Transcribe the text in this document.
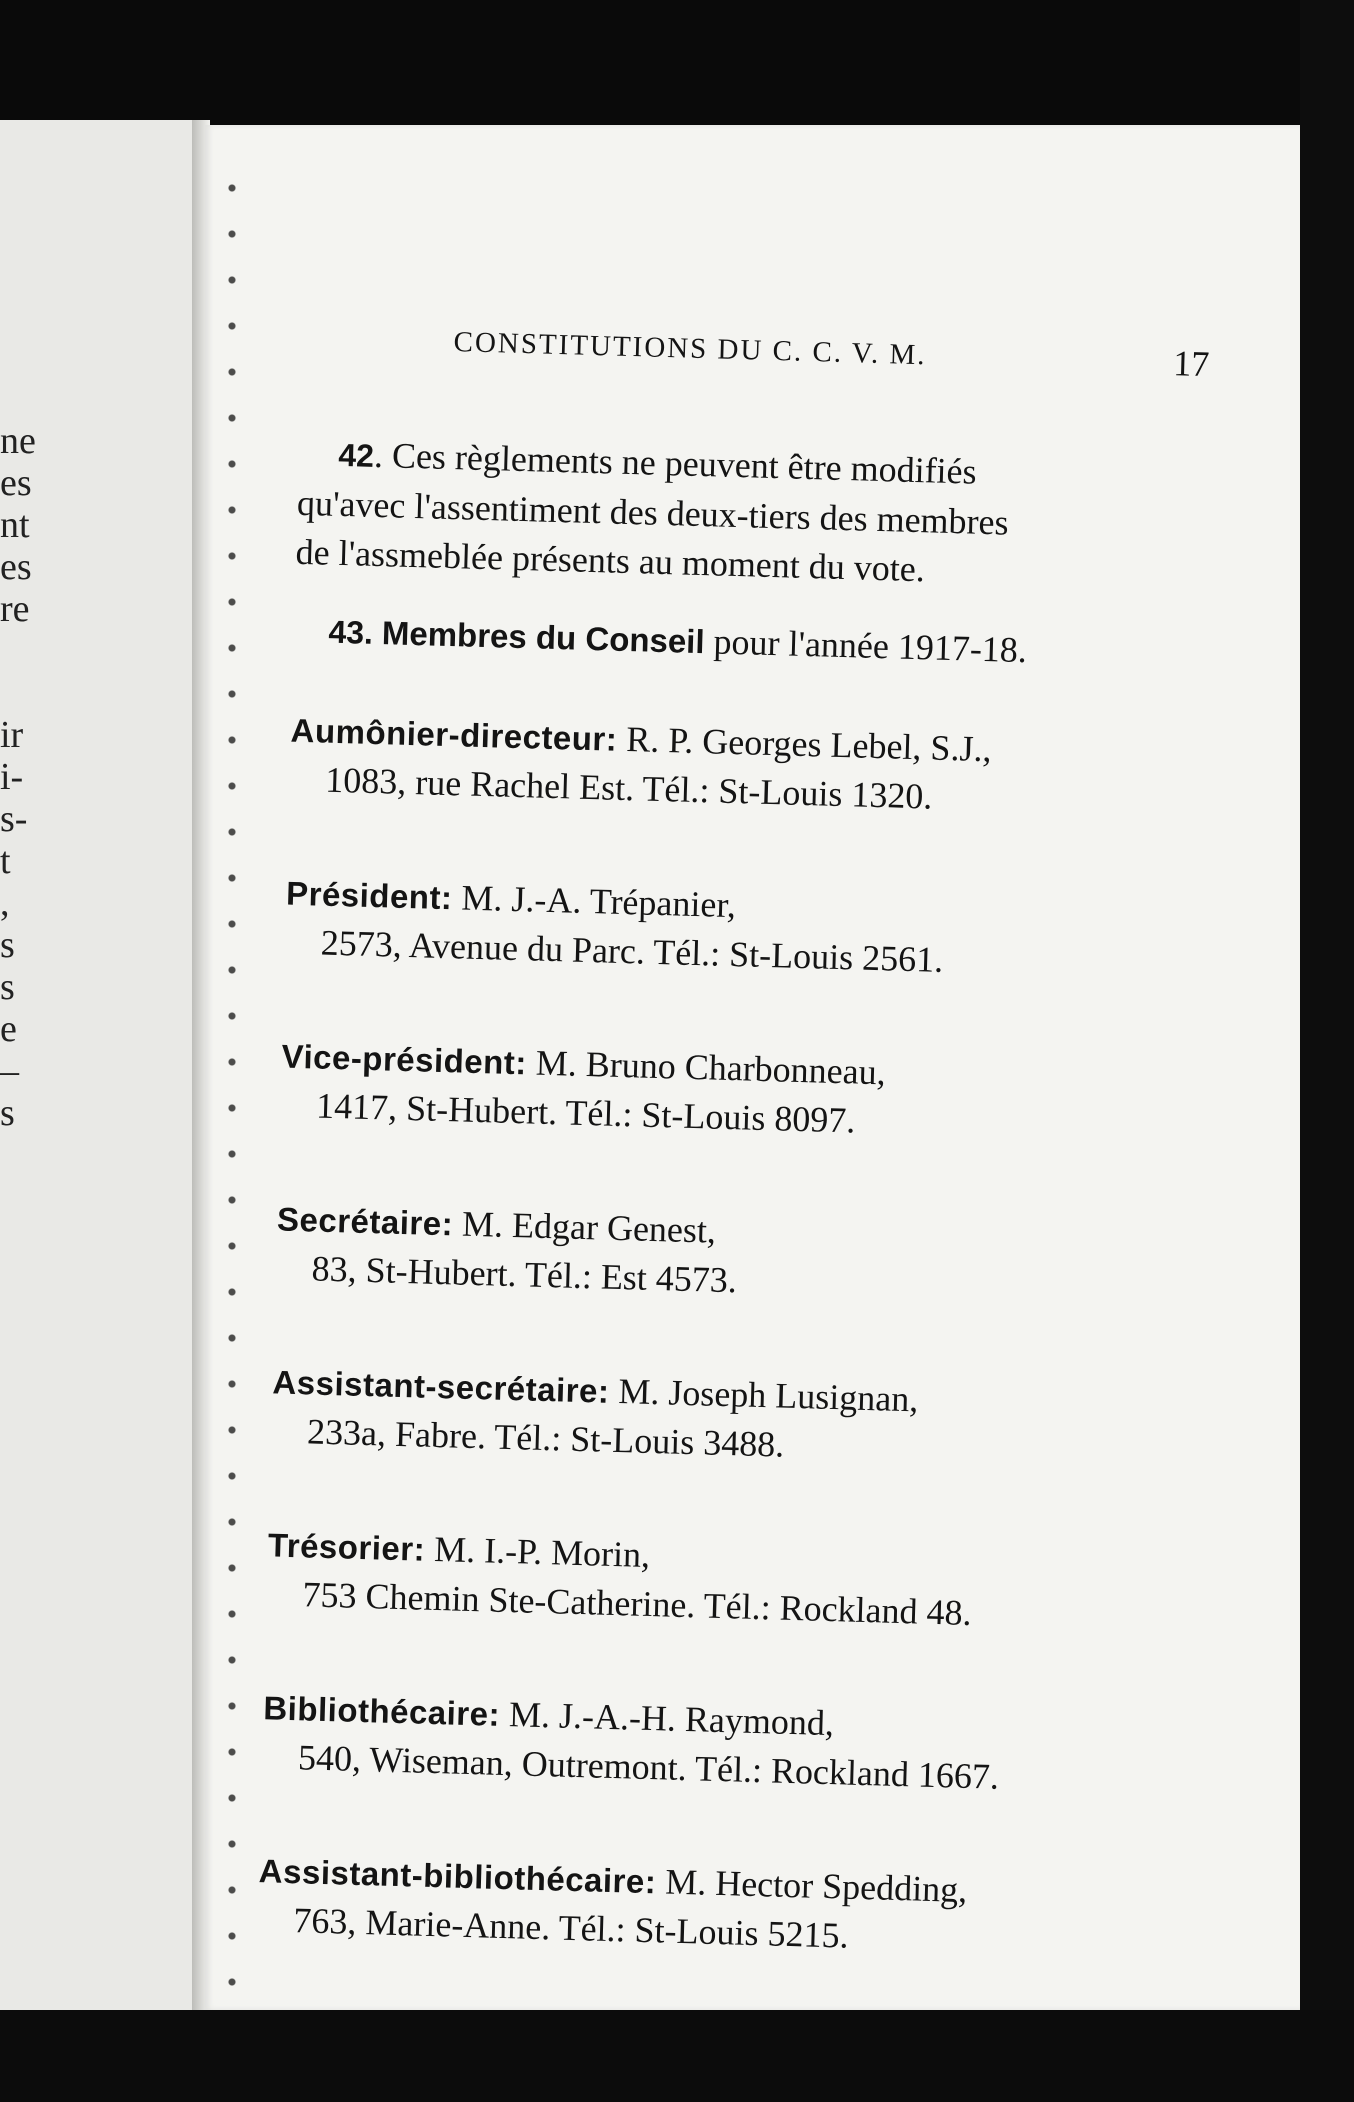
ne
es
nt
es
re
ir
i-
s-
t
,
s
s
e
–
s
CONSTITUTIONS DU C. C. V. M.	17
42. Ces règlements ne peuvent être modifiés
qu'avec l'assentiment des deux-tiers des membres
de l'assmeblée présents au moment du vote.
43. Membres du Conseil pour l'année 1917-18.
Aumônier-directeur: R. P. Georges Lebel, S.J.,
1083, rue Rachel Est. Tél.: St-Louis 1320.
Président: M. J.-A. Trépanier,
2573, Avenue du Parc. Tél.: St-Louis 2561.
Vice-président: M. Bruno Charbonneau,
1417, St-Hubert. Tél.: St-Louis 8097.
Secrétaire: M. Edgar Genest,
83, St-Hubert. Tél.: Est 4573.
Assistant-secrétaire: M. Joseph Lusignan,
233a, Fabre. Tél.: St-Louis 3488.
Trésorier: M. I.-P. Morin,
753 Chemin Ste-Catherine. Tél.: Rockland 48.
Bibliothécaire: M. J.-A.-H. Raymond,
540, Wiseman, Outremont. Tél.: Rockland 1667.
Assistant-bibliothécaire: M. Hector Spedding,
763, Marie-Anne. Tél.: St-Louis 5215.
